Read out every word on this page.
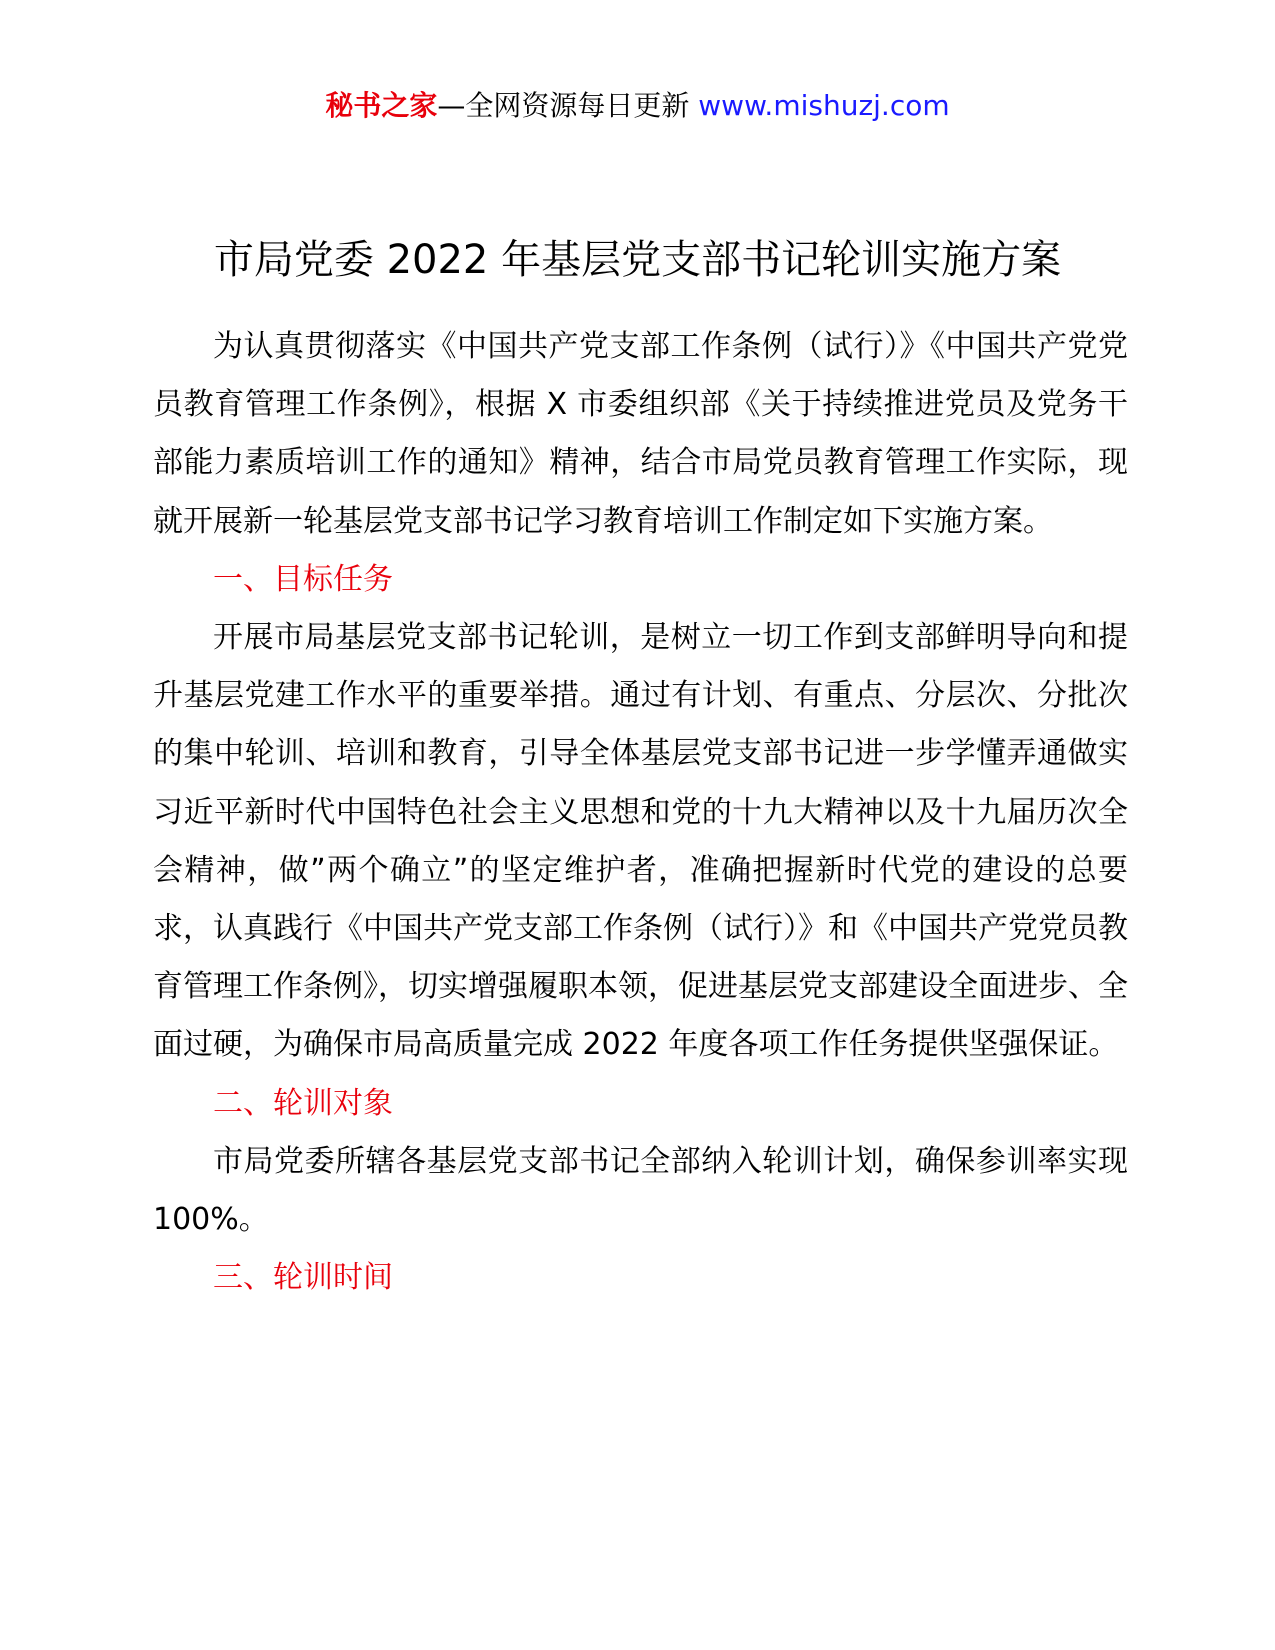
秘书之家—全网资源每日更新 www.mishuzj.com
市局党委 2022 年基层党支部书记轮训实施方案

为认真贯彻落实《中国共产党支部工作条例（试行）》《中国共产党党员教育管理工作条例》，根据 X 市委组织部《关于持续推进党员及党务干部能力素质培训工作的通知》精神，结合市局党员教育管理工作实际，现就开展新一轮基层党支部书记学习教育培训工作制定如下实施方案。

一、目标任务

开展市局基层党支部书记轮训，是树立一切工作到支部鲜明导向和提升基层党建工作水平的重要举措。通过有计划、有重点、分层次、分批次的集中轮训、培训和教育，引导全体基层党支部书记进一步学懂弄通做实习近平新时代中国特色社会主义思想和党的十九大精神以及十九届历次全会精神，做”两个确立”的坚定维护者，准确把握新时代党的建设的总要求，认真践行《中国共产党支部工作条例（试行）》和《中国共产党党员教育管理工作条例》，切实增强履职本领，促进基层党支部建设全面进步、全面过硬，为确保市局高质量完成 2022 年度各项工作任务提供坚强保证。

二、轮训对象

市局党委所辖各基层党支部书记全部纳入轮训计划，确保参训率实现 100%。

三、轮训时间
